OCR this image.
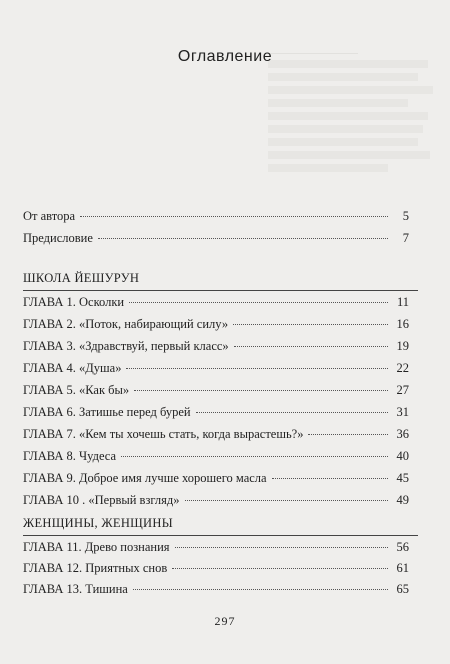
Оглавление
От автора	5
Предисловие	7
ШКОЛА ЙЕШУРУН
ГЛАВА 1. Осколки	11
ГЛАВА 2. «Поток, набирающий силу»	16
ГЛАВА 3. «Здравствуй, первый класс»	19
ГЛАВА 4. «Душа»	22
ГЛАВА 5. «Как бы»	27
ГЛАВА 6. Затишье перед бурей	31
ГЛАВА 7. «Кем ты хочешь стать, когда вырастешь?»	36
ГЛАВА 8. Чудеса	40
ГЛАВА 9. Доброе имя лучше хорошего масла	45
ГЛАВА 10 . «Первый взгляд»	49
ЖЕНЩИНЫ, ЖЕНЩИНЫ
ГЛАВА 11. Древо познания	56
ГЛАВА 12. Приятных снов	61
ГЛАВА 13. Тишина	65
297
